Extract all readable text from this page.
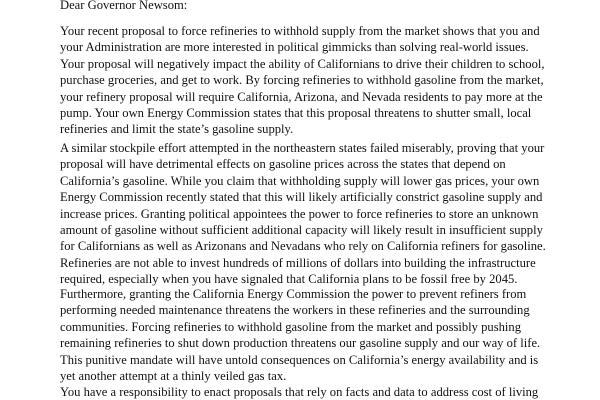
Dear Governor Newsom:
Your recent proposal to force refineries to withhold supply from the market shows that you and
your Administration are more interested in political gimmicks than solving real-world issues.
Your proposal will negatively impact the ability of Californians to drive their children to school,
purchase groceries, and get to work. By forcing refineries to withhold gasoline from the market,
your refinery proposal will require California, Arizona, and Nevada residents to pay more at the
pump. Your own Energy Commission states that this proposal threatens to shutter small, local
refineries and limit the state’s gasoline supply.
A similar stockpile effort attempted in the northeastern states failed miserably, proving that your
proposal will have detrimental effects on gasoline prices across the states that depend on
California’s gasoline. While you claim that withholding supply will lower gas prices, your own
Energy Commission recently stated that this will likely artificially constrict gasoline supply and
increase prices. Granting political appointees the power to force refineries to store an unknown
amount of gasoline without sufficient additional capacity will likely result in insufficient supply
for Californians as well as Arizonans and Nevadans who rely on California refiners for gasoline.
Refineries are not able to invest hundreds of millions of dollars into building the infrastructure
required, especially when you have signaled that California plans to be fossil free by 2045.
Furthermore, granting the California Energy Commission the power to prevent refiners from
performing needed maintenance threatens the workers in these refineries and the surrounding
communities. Forcing refineries to withhold gasoline from the market and possibly pushing
remaining refineries to shut down production threatens our gasoline supply and our way of life.
This punitive mandate will have untold consequences on California’s energy availability and is
yet another attempt at a thinly veiled gas tax.
You have a responsibility to enact proposals that rely on facts and data to address cost of living
